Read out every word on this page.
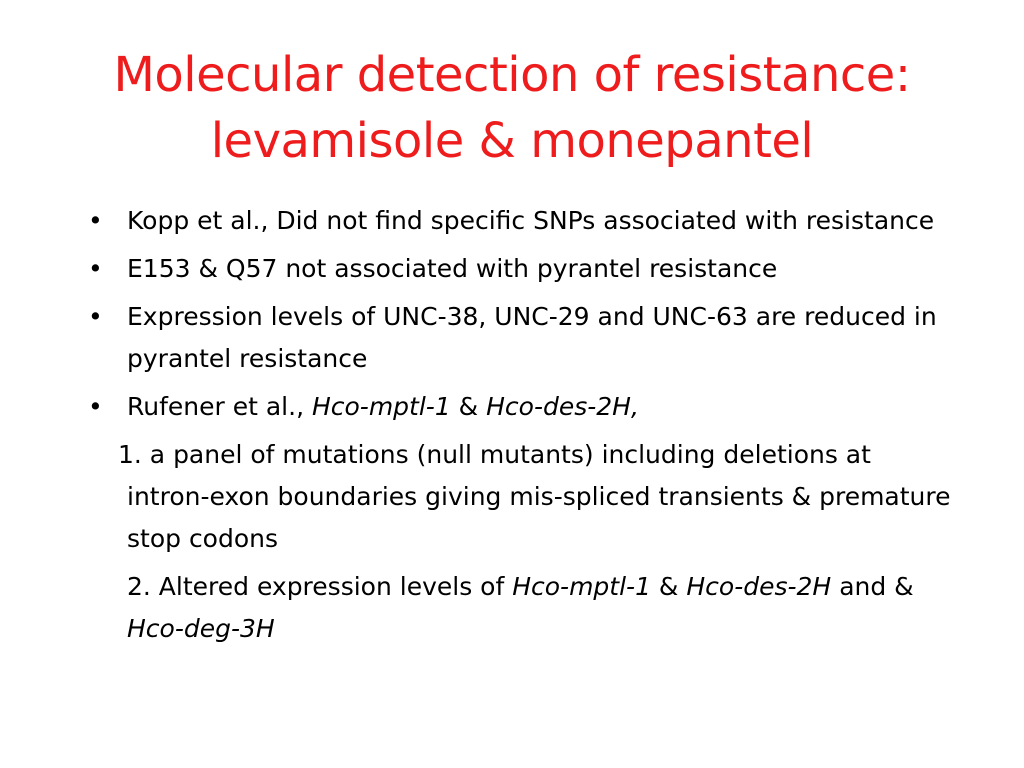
Molecular detection of resistance:
levamisole & monepantel
• Kopp et al., Did not find specific SNPs associated with resistance
• E153 & Q57 not associated with pyrantel resistance
• Expression levels of UNC-38, UNC-29 and UNC-63 are reduced in pyrantel resistance
• Rufener et al., Hco-mptl-1 & Hco-des-2H,
1. a panel of mutations (null mutants) including deletions at intron-exon boundaries giving mis-spliced transients & premature stop codons
2. Altered expression levels of Hco-mptl-1 & Hco-des-2H and & Hco-deg-3H
